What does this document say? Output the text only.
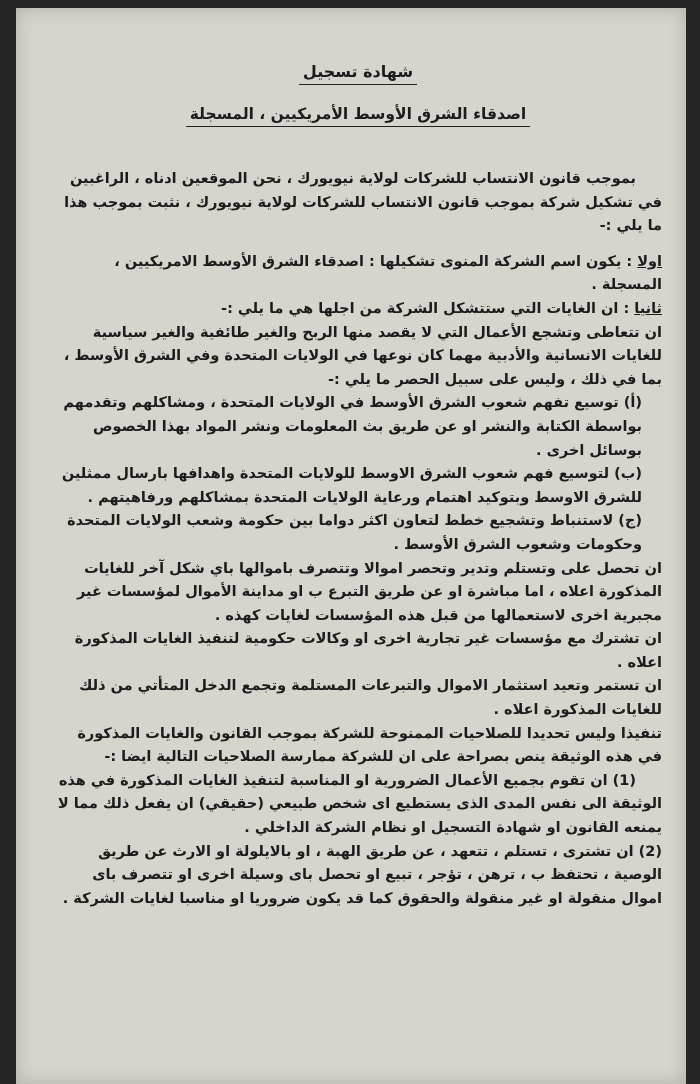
شهادة تسجيل
اصدقاء الشرق الأوسط الأمريكيين ، المسجلة

بموجب قانون الانتساب للشركات لولاية نيويورك ، نحن الموقعين ادناه ، الراغبين في تشكيل شركة بموجب قانون الانتساب للشركات لولاية نيويورك ، نثبت بموجب هذا ما يلي :-

اولا : يكون اسم الشركة المنوى تشكيلها : اصدقاء الشرق الأوسط الامريكيين ، المسجلة .

ثانيا : ان الغايات التي ستتشكل الشركة من اجلها هي ما يلي :-

ان تتعاطى وتشجع الأعمال التي لا يقصد منها الربح والغير طائفية والغير سياسية للغايات الانسانية والأدبية مهما كان نوعها في الولايات المتحدة وفي الشرق الأوسط ، بما في ذلك ، وليس على سبيل الحصر ما يلي :-

(أ) توسيع تفهم شعوب الشرق الأوسط في الولايات المتحدة ، ومشاكلهم وتقدمهم بواسطة الكتابة والنشر او عن طريق بث المعلومات ونشر المواد بهذا الخصوص بوسائل اخرى .

(ب) لتوسيع فهم شعوب الشرق الاوسط للولايات المتحدة واهدافها بارسال ممثلين للشرق الاوسط وبتوكيد اهتمام ورعاية الولايات المتحدة بمشاكلهم ورفاهيتهم .

(ج) لاستنباط وتشجيع خطط لتعاون اكثر دواما بين حكومة وشعب الولايات المتحدة وحكومات وشعوب الشرق الأوسط .

ان تحصل على وتستلم وتدير وتحصر اموالا وتتصرف باموالها باي شكل آخر للغايات المذكورة اعلاه ، اما مباشرة او عن طريق التبرع ب او مداينة الأموال لمؤسسات غير مجبرية اخرى لاستعمالها من قبل هذه المؤسسات لغايات كهذه .

ان تشترك مع مؤسسات غير تجارية اخرى او وكالات حكومية لتنفيذ الغايات المذكورة اعلاه .

ان تستمر وتعيد استثمار الاموال والتبرعات المستلمة وتجمع الدخل المتأتي من ذلك للغايات المذكورة اعلاه .

تنفيذا وليس تحديدا للصلاحيات الممنوحة للشركة بموجب القانون والغايات المذكورة في هذه الوثيقة ينص بصراحة على ان للشركة ممارسة الصلاحيات التالية ايضا :-

(1) ان تقوم بجميع الأعمال الضرورية او المناسبة لتنفيذ الغايات المذكورة في هذه الوثيقة الى نفس المدى الذى يستطيع اى شخص طبيعي (حقيقي) ان يفعل ذلك مما لا يمنعه القانون او شهادة التسجيل او نظام الشركة الداخلي .

(2) ان تشترى ، تستلم ، تتعهد ، عن طريق الهبة ، او بالايلولة او الارث عن طريق الوصية ، تحتفظ ب ، ترهن ، تؤجر ، تبيع او تحصل باى وسيلة اخرى او تتصرف باى اموال منقولة او غير منقولة والحقوق كما قد يكون ضروريا او مناسبا لغايات الشركة .
